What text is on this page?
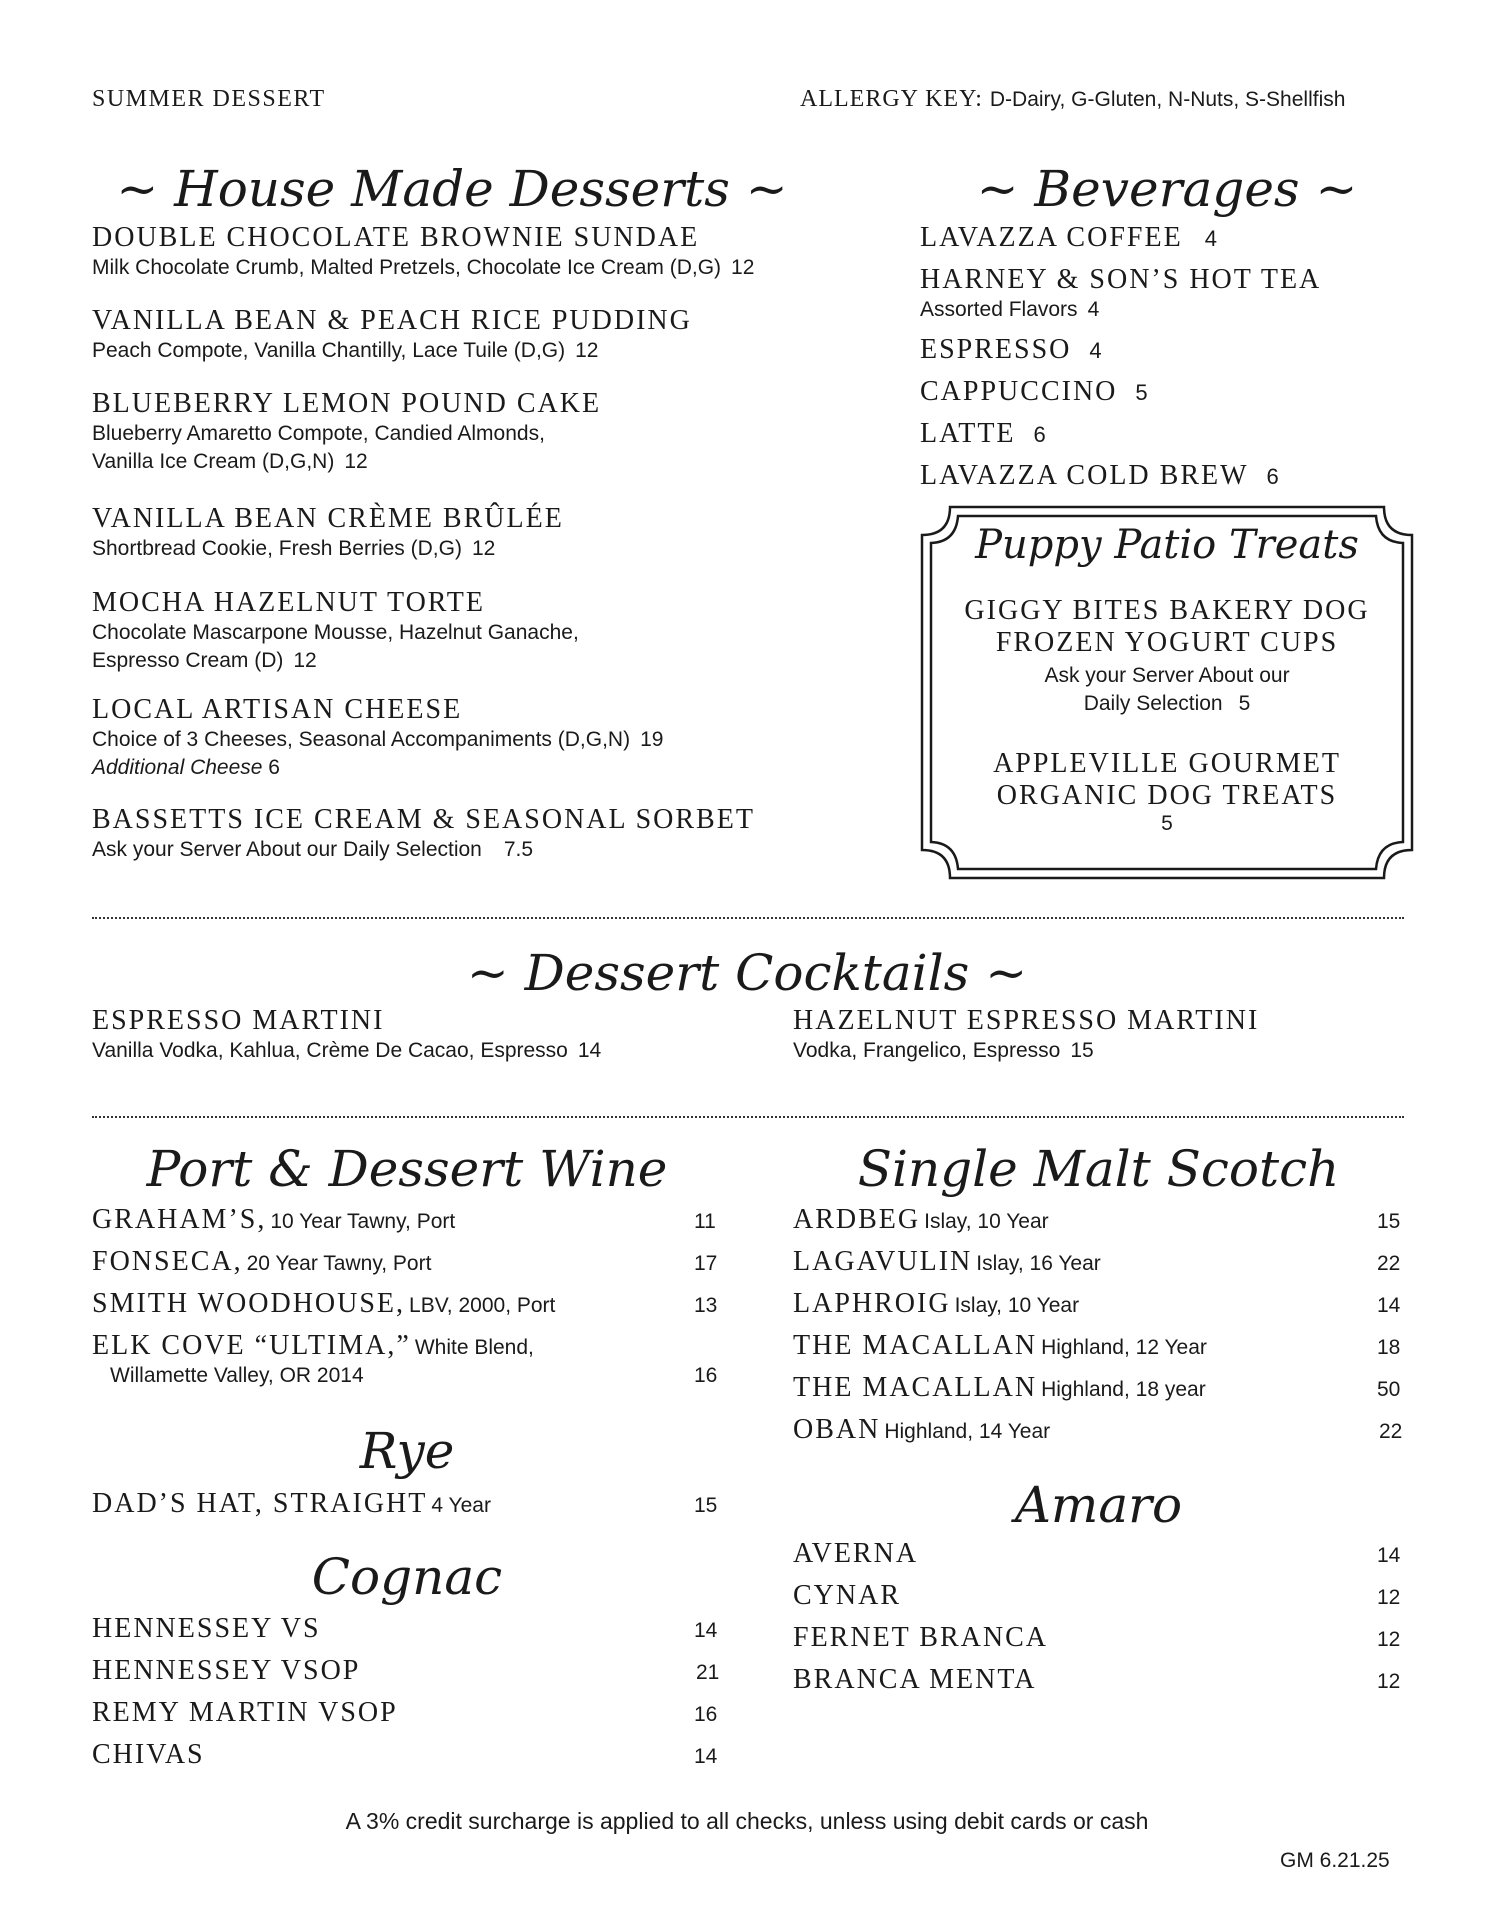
SUMMER DESSERT	ALLERGY KEY: D-Dairy, G-Gluten, N-Nuts, S-Shellfish
~ House Made Desserts ~
DOUBLE CHOCOLATE BROWNIE SUNDAE
Milk Chocolate Crumb, Malted Pretzels, Chocolate Ice Cream (D,G) 12
VANILLA BEAN & PEACH RICE PUDDING
Peach Compote, Vanilla Chantilly, Lace Tuile (D,G) 12
BLUEBERRY LEMON POUND CAKE
Blueberry Amaretto Compote, Candied Almonds,
Vanilla Ice Cream (D,G,N) 12
VANILLA BEAN CRÈME BRÛLÉE
Shortbread Cookie, Fresh Berries (D,G) 12
MOCHA HAZELNUT TORTE
Chocolate Mascarpone Mousse, Hazelnut Ganache,
Espresso Cream (D) 12
LOCAL ARTISAN CHEESE
Choice of 3 Cheeses, Seasonal Accompaniments (D,G,N) 19
Additional Cheese 6
BASSETTS ICE CREAM & SEASONAL SORBET
Ask your Server About our Daily Selection 7.5
~ Beverages ~
LAVAZZA COFFEE 4
HARNEY & SON’S HOT TEA
Assorted Flavors 4
ESPRESSO 4
CAPPUCCINO 5
LATTE 6
LAVAZZA COLD BREW 6
Puppy Patio Treats
GIGGY BITES BAKERY DOG
FROZEN YOGURT CUPS
Ask your Server About our
Daily Selection 5
APPLEVILLE GOURMET
ORGANIC DOG TREATS
5
~ Dessert Cocktails ~
ESPRESSO MARTINI
Vanilla Vodka, Kahlua, Crème De Cacao, Espresso 14
HAZELNUT ESPRESSO MARTINI
Vodka, Frangelico, Espresso 15
Port & Dessert Wine
GRAHAM’S, 10 Year Tawny, Port	11
FONSECA, 20 Year Tawny, Port	17
SMITH WOODHOUSE, LBV, 2000, Port	13
ELK COVE “ULTIMA,” White Blend,
Willamette Valley, OR 2014	16
Rye
DAD’S HAT, STRAIGHT 4 Year	15
Cognac
HENNESSEY VS	14
HENNESSEY VSOP	21
REMY MARTIN VSOP	16
CHIVAS	14
Single Malt Scotch
ARDBEG Islay, 10 Year	15
LAGAVULIN Islay, 16 Year	22
LAPHROIG Islay, 10 Year	14
THE MACALLAN Highland, 12 Year	18
THE MACALLAN Highland, 18 year	50
OBAN Highland, 14 Year	22
Amaro
AVERNA	14
CYNAR	12
FERNET BRANCA	12
BRANCA MENTA	12
A 3% credit surcharge is applied to all checks, unless using debit cards or cash
GM 6.21.25
